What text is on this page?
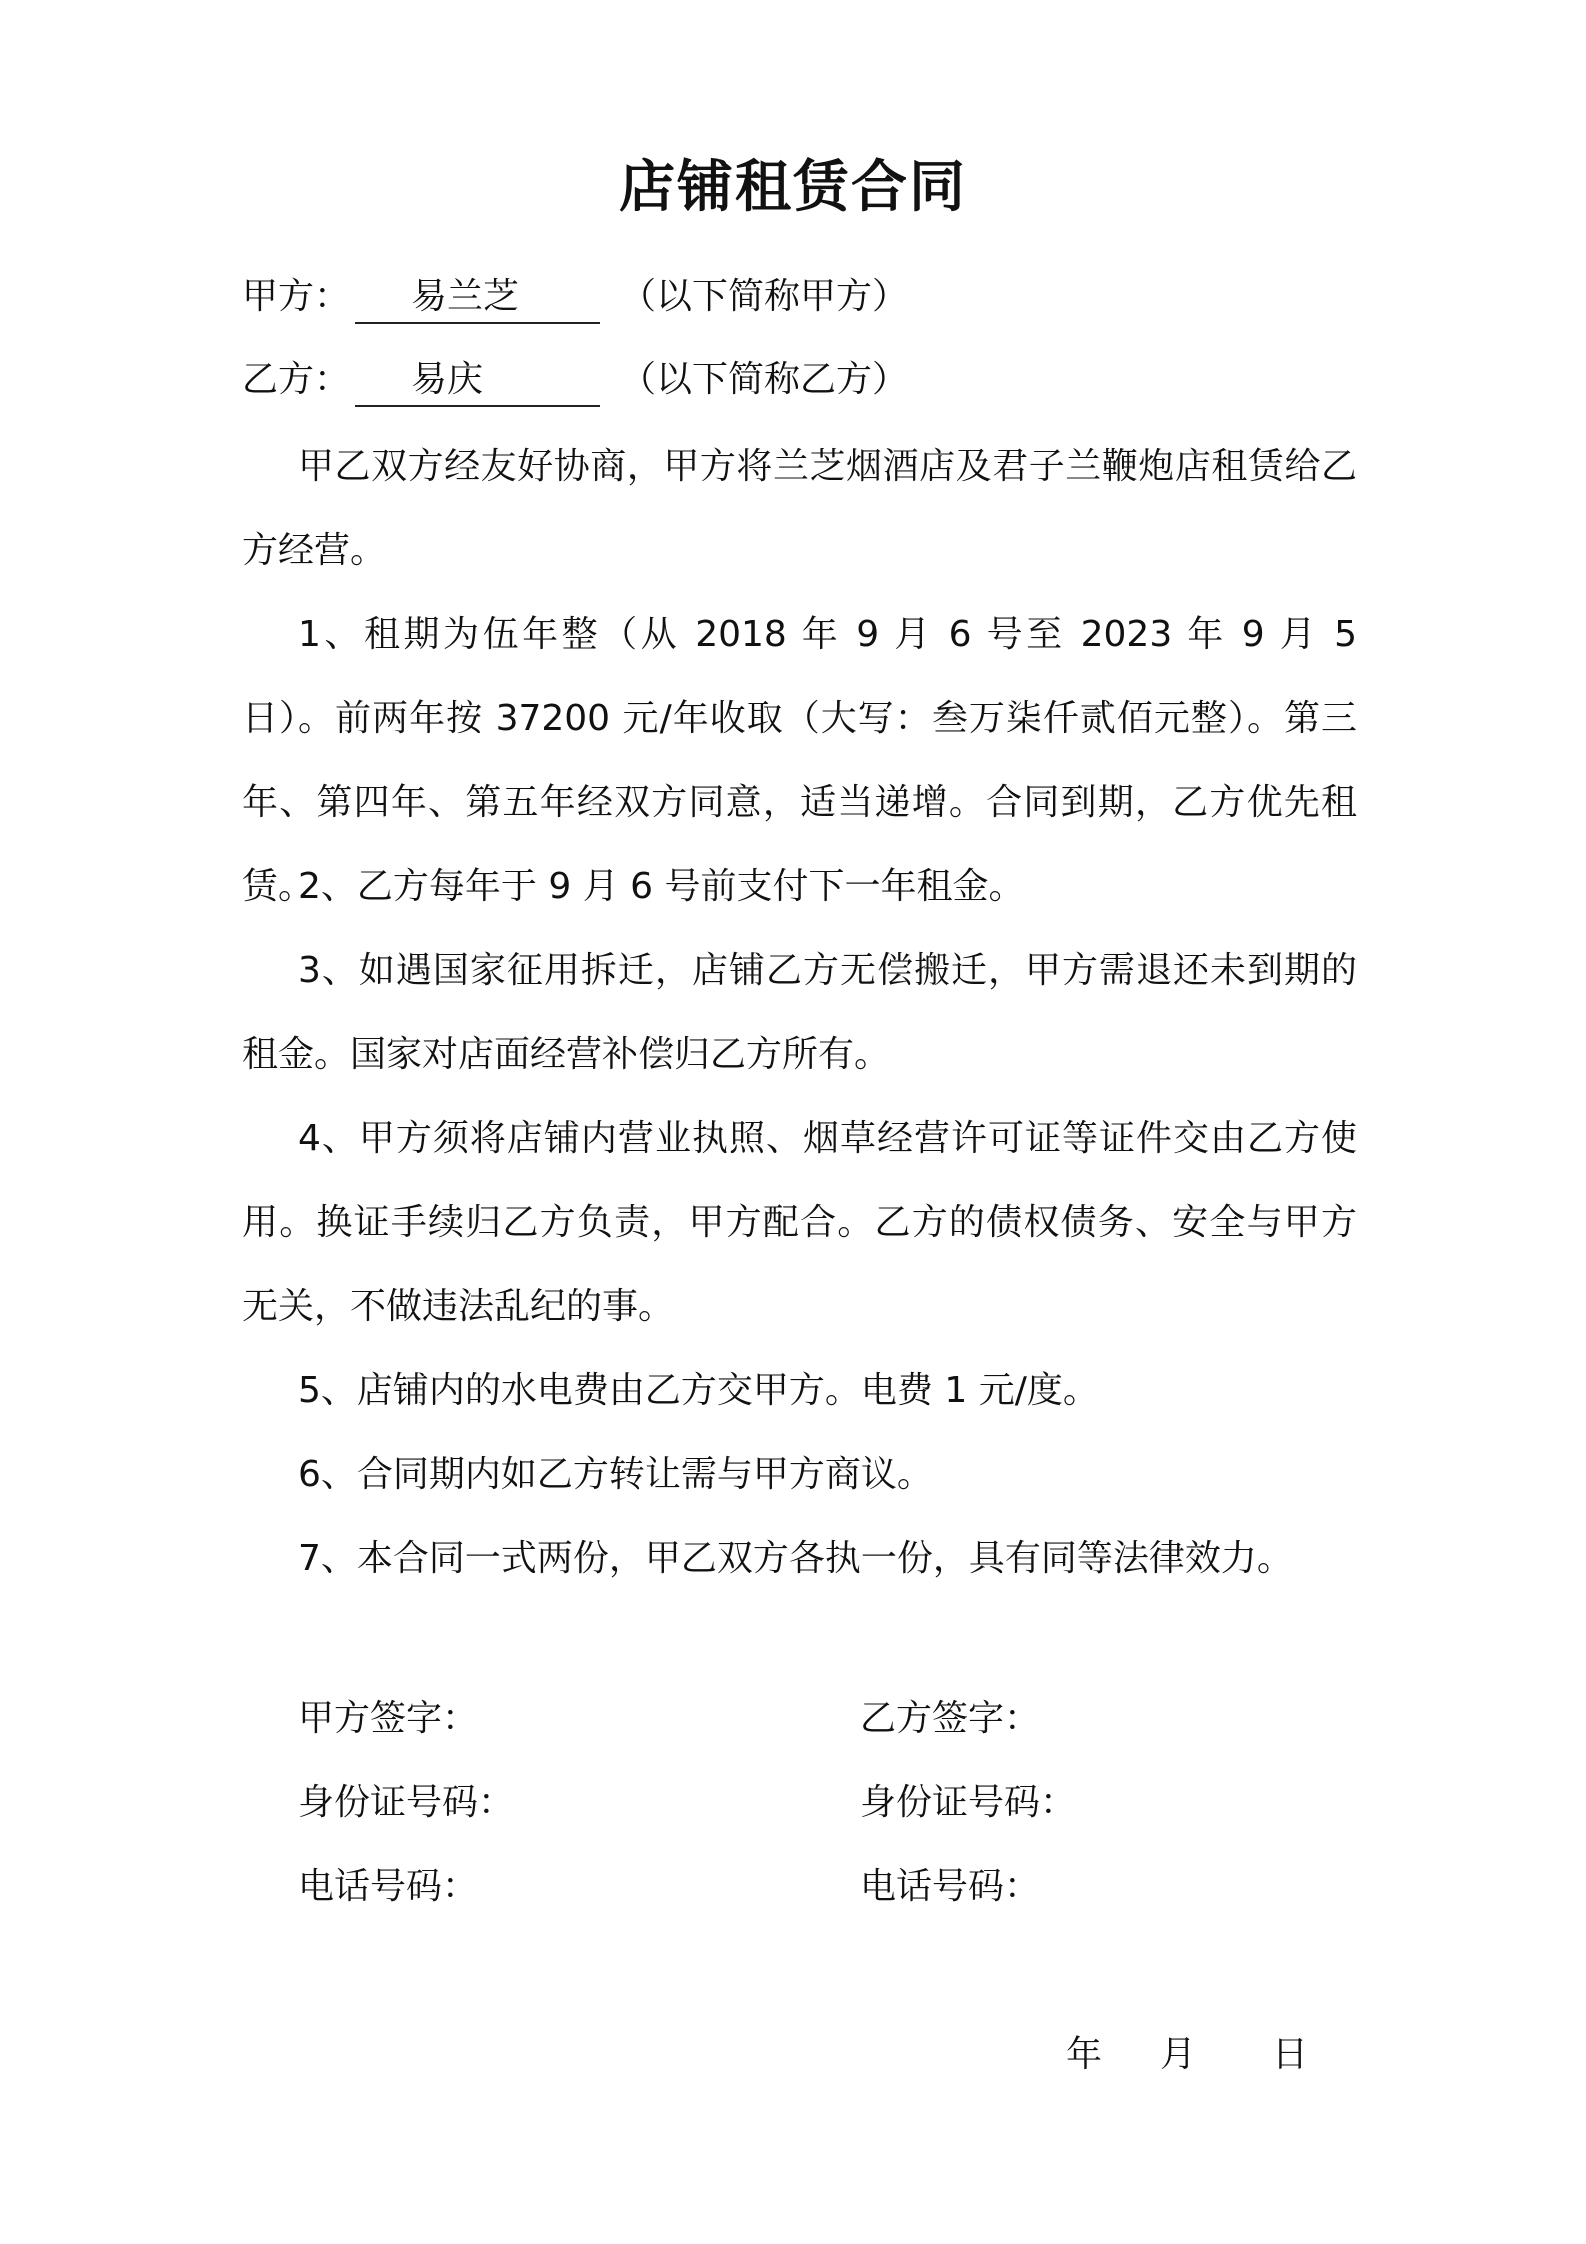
店铺租赁合同
甲方： 易兰芝	（以下简称甲方）
乙方： 易庆	（以下简称乙方）

甲乙双方经友好协商，甲方将兰芝烟酒店及君子兰鞭炮店租赁给乙方经营。

1、租期为伍年整（从 2018 年 9 月 6 号至 2023 年 9 月 5 日）。前两年按 37200 元/年收取（大写：叁万柒仟贰佰元整）。第三年、第四年、第五年经双方同意，适当递增。合同到期，乙方优先租赁。

2、乙方每年于 9 月 6 号前支付下一年租金。

3、如遇国家征用拆迁，店铺乙方无偿搬迁，甲方需退还未到期的租金。国家对店面经营补偿归乙方所有。

4、甲方须将店铺内营业执照、烟草经营许可证等证件交由乙方使用。换证手续归乙方负责，甲方配合。乙方的债权债务、安全与甲方无关，不做违法乱纪的事。

5、店铺内的水电费由乙方交甲方。电费 1 元/度。

6、合同期内如乙方转让需与甲方商议。

7、本合同一式两份，甲乙双方各执一份，具有同等法律效力。

甲方签字：	乙方签字：
身份证号码：	身份证号码：
电话号码：	电话号码：
年 月 日
